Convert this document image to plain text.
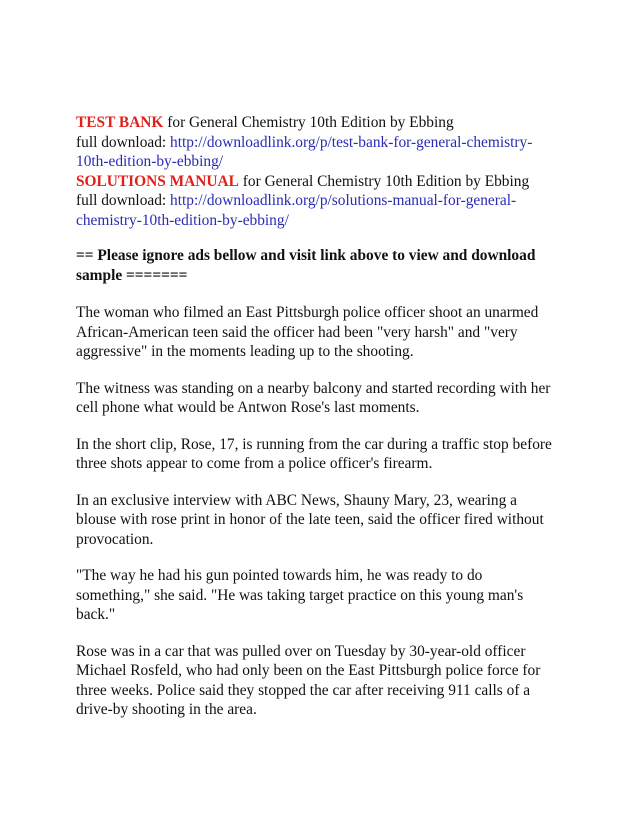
TEST BANK for General Chemistry 10th Edition by Ebbing
full download: http://downloadlink.org/p/test-bank-for-general-chemistry-
10th-edition-by-ebbing/
SOLUTIONS MANUAL for General Chemistry 10th Edition by Ebbing
full download: http://downloadlink.org/p/solutions-manual-for-general-
chemistry-10th-edition-by-ebbing/
== Please ignore ads bellow and visit link above to view and download
sample =======
The woman who filmed an East Pittsburgh police officer shoot an unarmed
African-American teen said the officer had been "very harsh" and "very
aggressive" in the moments leading up to the shooting.
The witness was standing on a nearby balcony and started recording with her
cell phone what would be Antwon Rose's last moments.
In the short clip, Rose, 17, is running from the car during a traffic stop before
three shots appear to come from a police officer's firearm.
In an exclusive interview with ABC News, Shauny Mary, 23, wearing a
blouse with rose print in honor of the late teen, said the officer fired without
provocation.
"The way he had his gun pointed towards him, he was ready to do
something," she said. "He was taking target practice on this young man's
back."
Rose was in a car that was pulled over on Tuesday by 30-year-old officer
Michael Rosfeld, who had only been on the East Pittsburgh police force for
three weeks. Police said they stopped the car after receiving 911 calls of a
drive-by shooting in the area.
